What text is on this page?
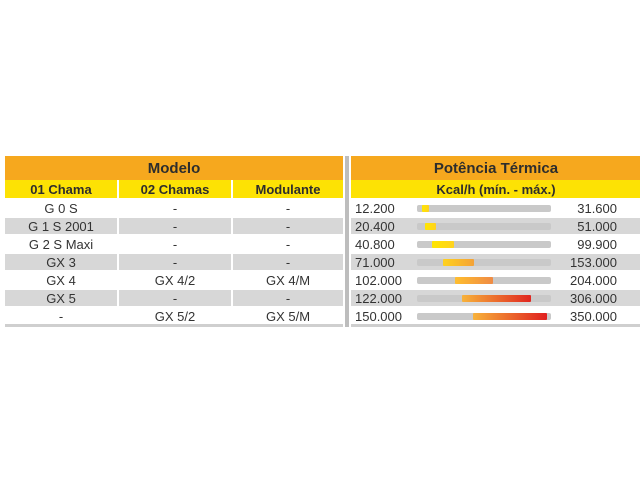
Modelo	Potência Térmica
01 Chama	02 Chamas	Modulante	Kcal/h (mín. - máx.)
G 0 S	-	-	12.200	31.600
G 1 S 2001	-	-	20.400	51.000
G 2 S Maxi	-	-	40.800	99.900
GX 3	-	-	71.000	153.000
GX 4	GX 4/2	GX 4/M	102.000	204.000
GX 5	-	-	122.000	306.000
-	GX 5/2	GX 5/M	150.000	350.000
